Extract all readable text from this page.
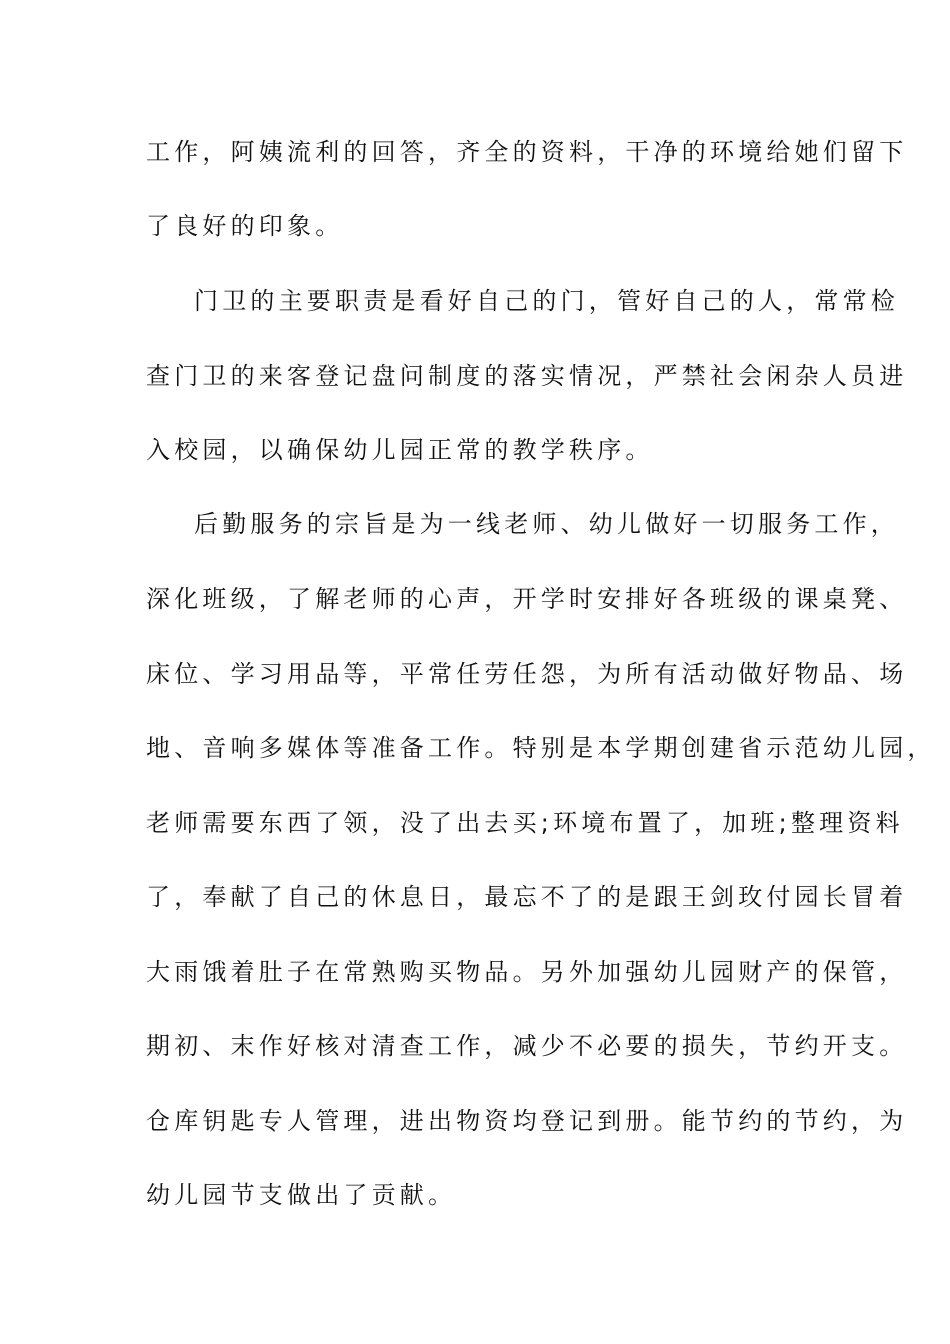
工作，阿姨流利的回答，齐全的资料，干净的环境给她们留下
了良好的印象。
门卫的主要职责是看好自己的门，管好自己的人，常常检
查门卫的来客登记盘问制度的落实情况，严禁社会闲杂人员进
入校园，以确保幼儿园正常的教学秩序。
后勤服务的宗旨是为一线老师、幼儿做好一切服务工作，
深化班级，了解老师的心声，开学时安排好各班级的课桌凳、
床位、学习用品等，平常任劳任怨，为所有活动做好物品、场
地、音响多媒体等准备工作。特别是本学期创建省示范幼儿园，
老师需要东西了领，没了出去买;环境布置了，加班;整理资料
了，奉献了自己的休息日，最忘不了的是跟王剑玫付园长冒着
大雨饿着肚子在常熟购买物品。另外加强幼儿园财产的保管，
期初、末作好核对清查工作，减少不必要的损失，节约开支。
仓库钥匙专人管理，进出物资均登记到册。能节约的节约，为
幼儿园节支做出了贡献。
